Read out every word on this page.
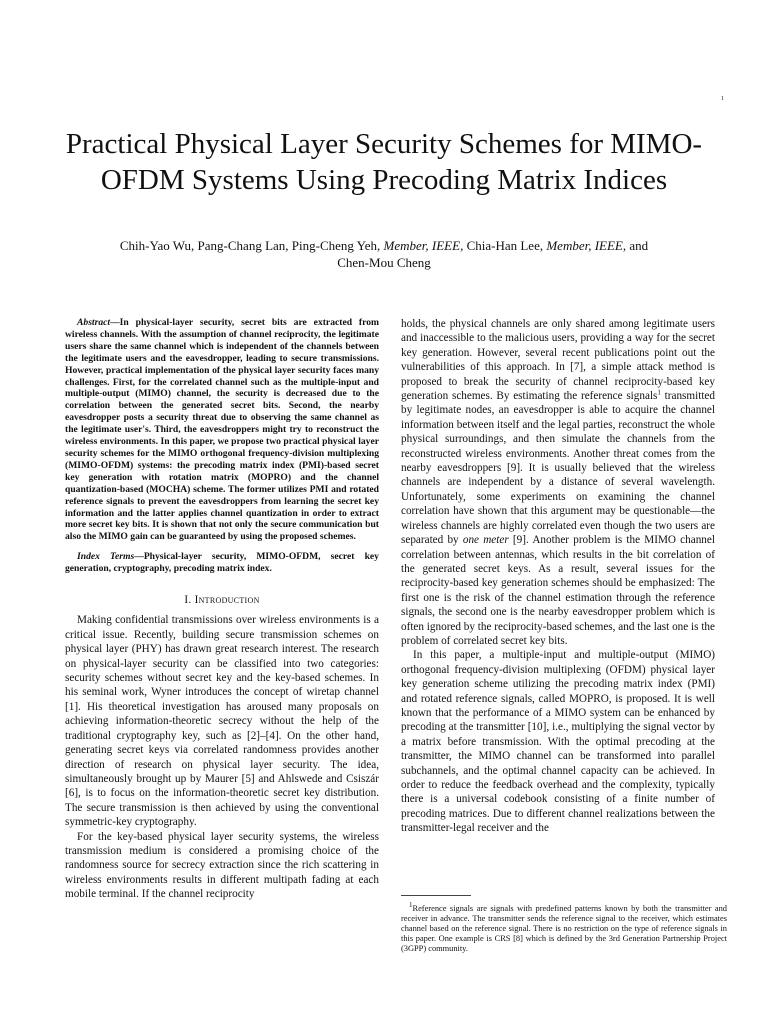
1
Practical Physical Layer Security Schemes for MIMO-OFDM Systems Using Precoding Matrix Indices
Chih-Yao Wu, Pang-Chang Lan, Ping-Cheng Yeh, Member, IEEE, Chia-Han Lee, Member, IEEE, and
Chen-Mou Cheng

Abstract—In physical-layer security, secret bits are extracted from wireless channels. With the assumption of channel reciprocity, the legitimate users share the same channel which is independent of the channels between the legitimate users and the eavesdropper, leading to secure transmissions. However, practical implementation of the physical layer security faces many challenges. First, for the correlated channel such as the multiple-input and multiple-output (MIMO) channel, the security is decreased due to the correlation between the generated secret bits. Second, the nearby eavesdropper posts a security threat due to observing the same channel as the legitimate user's. Third, the eavesdroppers might try to reconstruct the wireless environments. In this paper, we propose two practical physical layer security schemes for the MIMO orthogonal frequency-division multiplexing (MIMO-OFDM) systems: the precoding matrix index (PMI)-based secret key generation with rotation matrix (MOPRO) and the channel quantization-based (MOCHA) scheme. The former utilizes PMI and rotated reference signals to prevent the eavesdroppers from learning the secret key information and the latter applies channel quantization in order to extract more secret key bits. It is shown that not only the secure communication but also the MIMO gain can be guaranteed by using the proposed schemes.

Index Terms—Physical-layer security, MIMO-OFDM, secret key generation, cryptography, precoding matrix index.

I. Introduction

Making confidential transmissions over wireless environments is a critical issue. Recently, building secure transmission schemes on physical layer (PHY) has drawn great research interest. The research on physical-layer security can be classified into two categories: security schemes without secret key and the key-based schemes. In his seminal work, Wyner introduces the concept of wiretap channel [1]. His theoretical investigation has aroused many proposals on achieving information-theoretic secrecy without the help of the traditional cryptography key, such as [2]–[4]. On the other hand, generating secret keys via correlated randomness provides another direction of research on physical layer security. The idea, simultaneously brought up by Maurer [5] and Ahlswede and Csiszár [6], is to focus on the information-theoretic secret key distribution. The secure transmission is then achieved by using the conventional symmetric-key cryptography.

For the key-based physical layer security systems, the wireless transmission medium is considered a promising choice of the randomness source for secrecy extraction since the rich scattering in wireless environments results in different multipath fading at each mobile terminal. If the channel reciprocity

holds, the physical channels are only shared among legitimate users and inaccessible to the malicious users, providing a way for the secret key generation. However, several recent publications point out the vulnerabilities of this approach. In [7], a simple attack method is proposed to break the security of channel reciprocity-based key generation schemes. By estimating the reference signals$^1$ transmitted by legitimate nodes, an eavesdropper is able to acquire the channel information between itself and the legal parties, reconstruct the whole physical surroundings, and then simulate the channels from the reconstructed wireless environments. Another threat comes from the nearby eavesdroppers [9]. It is usually believed that the wireless channels are independent by a distance of several wavelength. Unfortunately, some experiments on examining the channel correlation have shown that this argument may be questionable—the wireless channels are highly correlated even though the two users are separated by one meter [9]. Another problem is the MIMO channel correlation between antennas, which results in the bit correlation of the generated secret keys. As a result, several issues for the reciprocity-based key generation schemes should be emphasized: The first one is the risk of the channel estimation through the reference signals, the second one is the nearby eavesdropper problem which is often ignored by the reciprocity-based schemes, and the last one is the problem of correlated secret key bits.

In this paper, a multiple-input and multiple-output (MIMO) orthogonal frequency-division multiplexing (OFDM) physical layer key generation scheme utilizing the precoding matrix index (PMI) and rotated reference signals, called MOPRO, is proposed. It is well known that the performance of a MIMO system can be enhanced by precoding at the transmitter [10], i.e., multiplying the signal vector by a matrix before transmission. With the optimal precoding at the transmitter, the MIMO channel can be transformed into parallel subchannels, and the optimal channel capacity can be achieved. In order to reduce the feedback overhead and the complexity, typically there is a universal codebook consisting of a finite number of precoding matrices. Due to different channel realizations between the transmitter-legal receiver and the

$^1$Reference signals are signals with predefined patterns known by both the transmitter and receiver in advance. The transmitter sends the reference signal to the receiver, which estimates channel based on the reference signal. There is no restriction on the type of reference signals in this paper. One example is CRS [8] which is defined by the 3rd Generation Partnership Project (3GPP) community.
